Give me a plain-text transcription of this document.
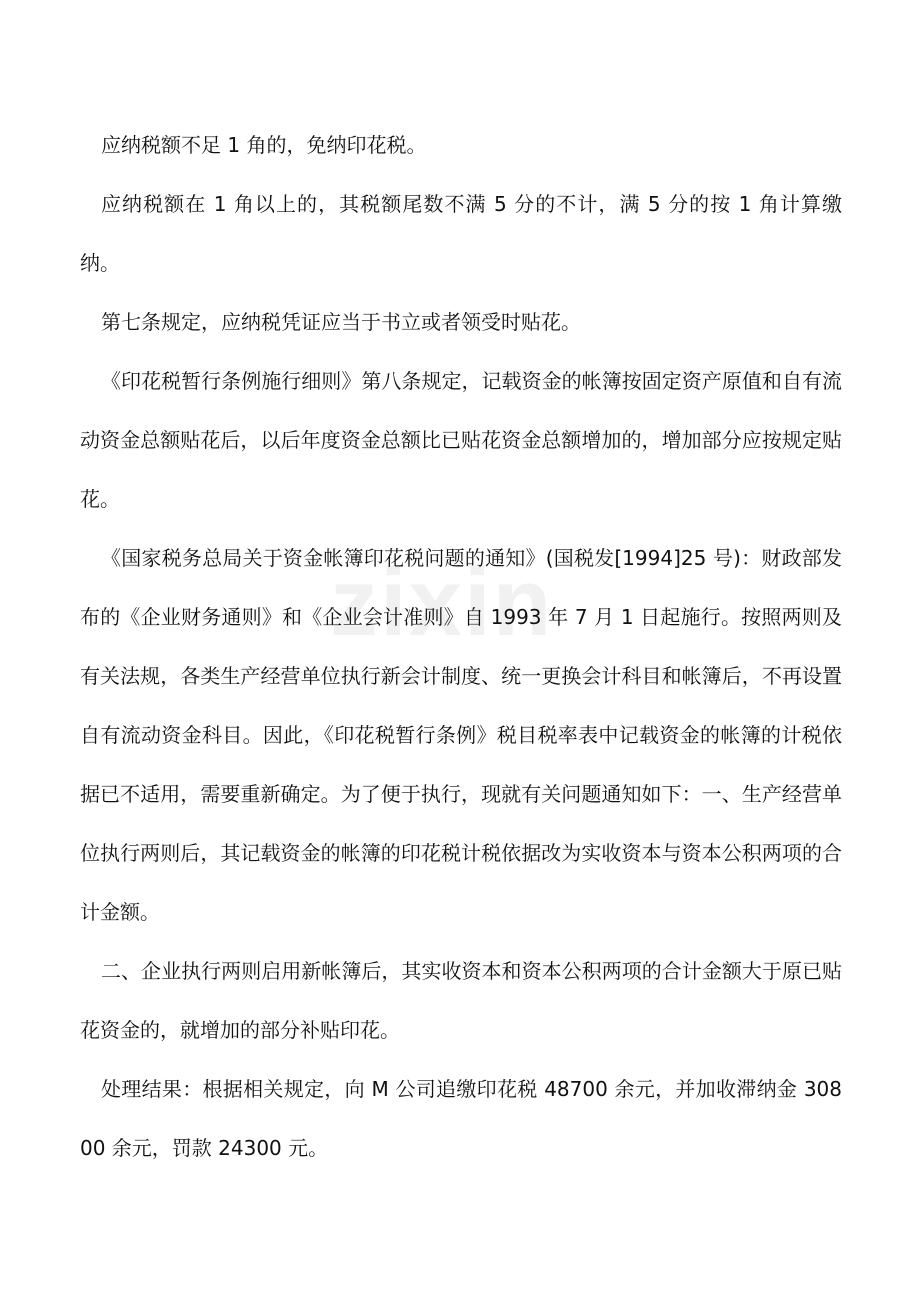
zixin

应纳税额不足 1 角的，免纳印花税。

应纳税额在 1 角以上的，其税额尾数不满 5 分的不计，满 5 分的按 1 角计算缴纳。

第七条规定，应纳税凭证应当于书立或者领受时贴花。

《印花税暂行条例施行细则》第八条规定，记载资金的帐簿按固定资产原值和自有流动资金总额贴花后，以后年度资金总额比已贴花资金总额增加的，增加部分应按规定贴花。

《国家税务总局关于资金帐簿印花税问题的通知》(国税发[1994]25 号)：财政部发布的《企业财务通则》和《企业会计准则》自 1993 年 7 月 1 日起施行。按照两则及有关法规，各类生产经营单位执行新会计制度、统一更换会计科目和帐簿后，不再设置自有流动资金科目。因此，《印花税暂行条例》税目税率表中记载资金的帐簿的计税依据已不适用，需要重新确定。为了便于执行，现就有关问题通知如下：一、生产经营单位执行两则后，其记载资金的帐簿的印花税计税依据改为实收资本与资本公积两项的合计金额。

二、企业执行两则启用新帐簿后，其实收资本和资本公积两项的合计金额大于原已贴花资金的，就增加的部分补贴印花。

处理结果：根据相关规定，向 M 公司追缴印花税 48700 余元，并加收滞纳金 30800 余元，罚款 24300 元。
